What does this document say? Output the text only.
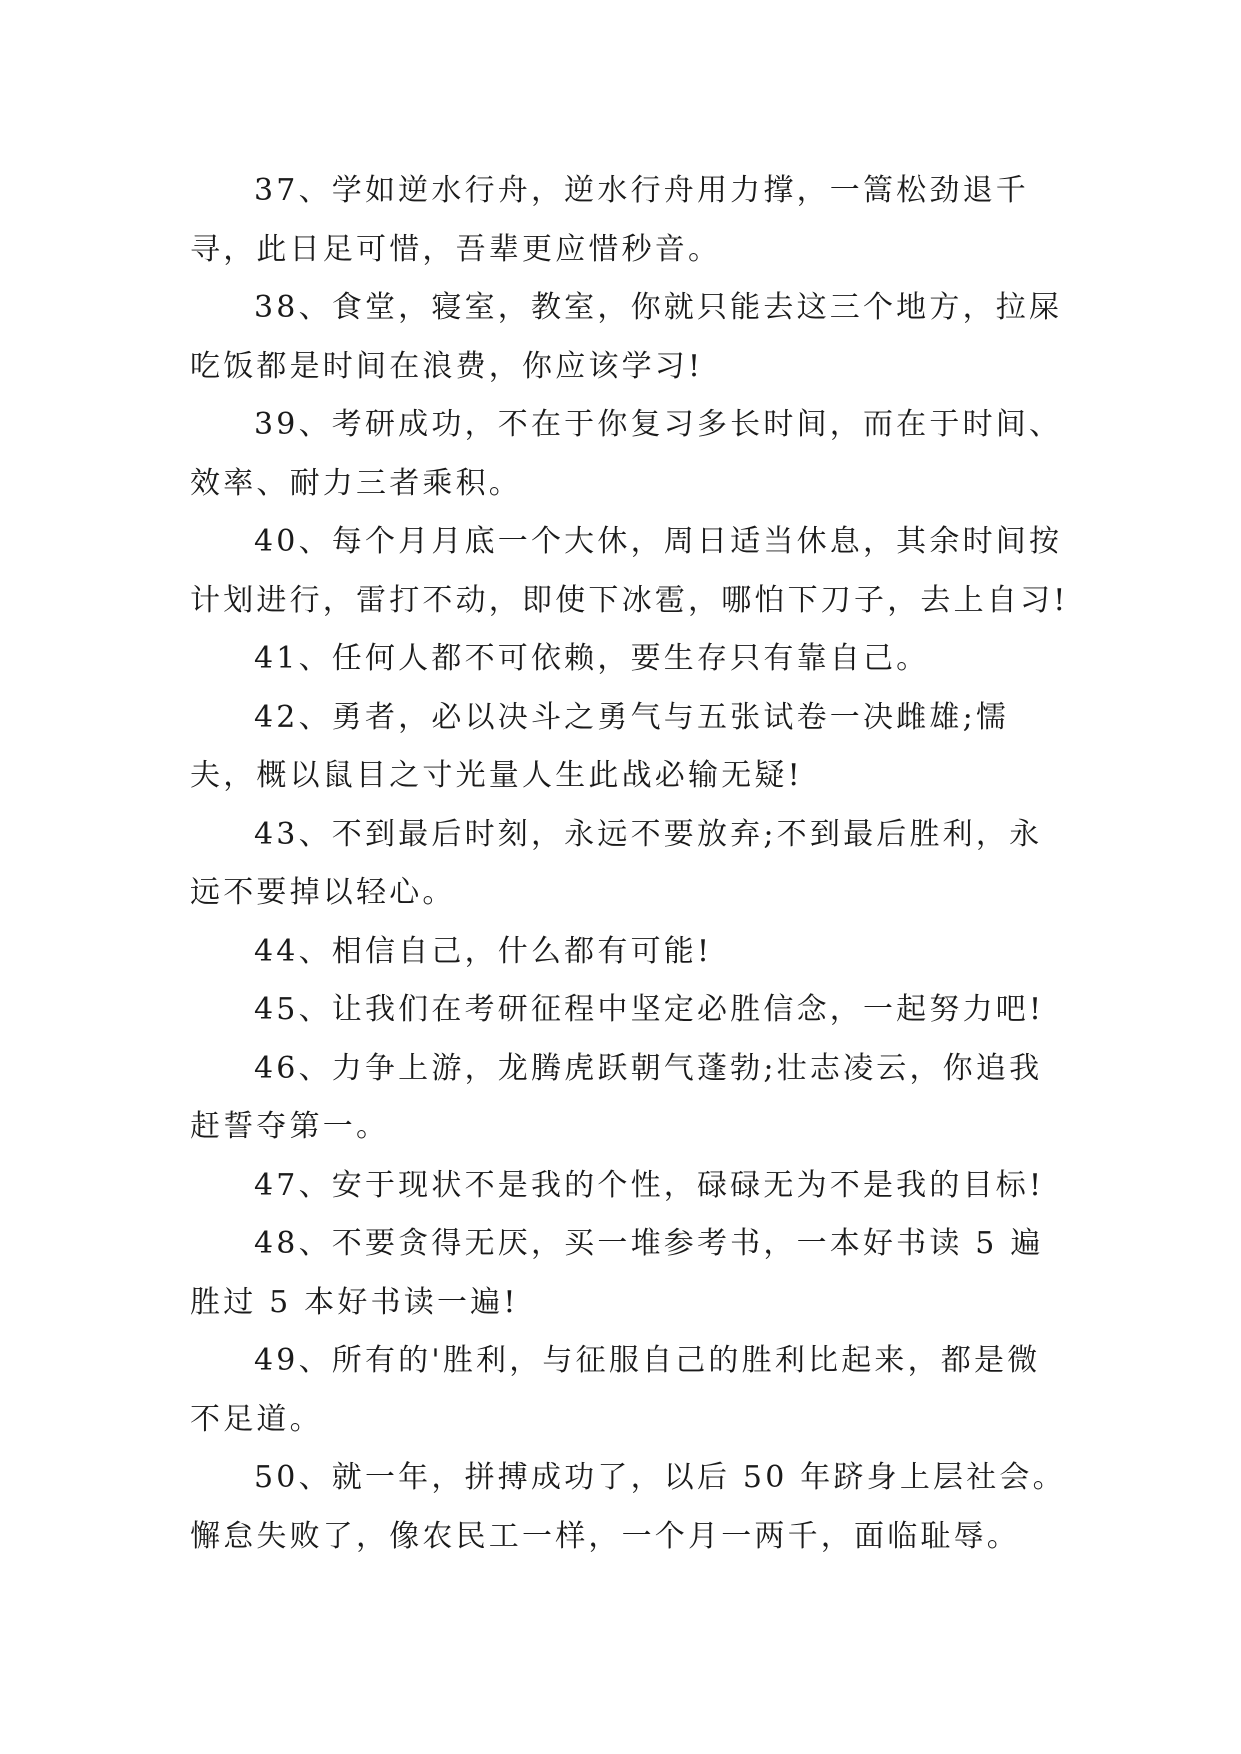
37、学如逆水行舟，逆水行舟用力撑，一篙松劲退千寻，此日足可惜，吾辈更应惜秒音。

38、食堂，寝室，教室，你就只能去这三个地方，拉屎吃饭都是时间在浪费，你应该学习!

39、考研成功，不在于你复习多长时间，而在于时间、效率、耐力三者乘积。

40、每个月月底一个大休，周日适当休息，其余时间按计划进行，雷打不动，即使下冰雹，哪怕下刀子，去上自习!

41、任何人都不可依赖，要生存只有靠自己。

42、勇者，必以决斗之勇气与五张试卷一决雌雄;懦夫，概以鼠目之寸光量人生此战必输无疑!

43、不到最后时刻，永远不要放弃;不到最后胜利，永远不要掉以轻心。

44、相信自己，什么都有可能!

45、让我们在考研征程中坚定必胜信念，一起努力吧!

46、力争上游，龙腾虎跃朝气蓬勃;壮志凌云，你追我赶誓夺第一。

47、安于现状不是我的个性，碌碌无为不是我的目标!

48、不要贪得无厌，买一堆参考书，一本好书读 5 遍胜过 5 本好书读一遍!

49、所有的'胜利，与征服自己的胜利比起来，都是微不足道。

50、就一年，拼搏成功了，以后 50 年跻身上层社会。懈怠失败了，像农民工一样，一个月一两千，面临耻辱。
